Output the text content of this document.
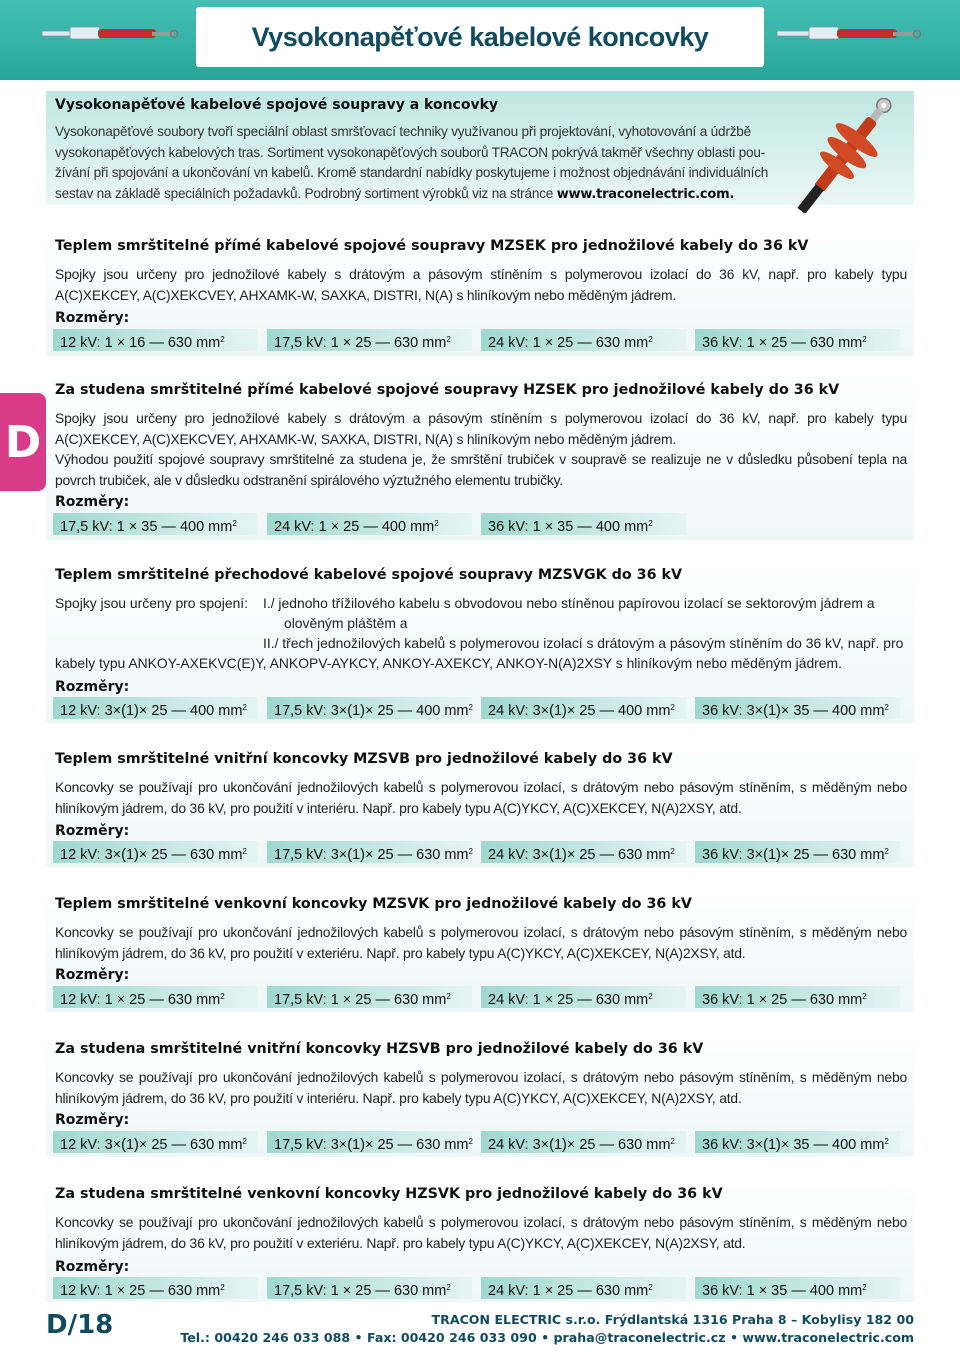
Vysokonapěťové kabelové koncovky
Vysokonapěťové kabelové spojové soupravy a koncovky

Vysokonapěťové soubory tvoří speciální oblast smršťovací techniky využívanou při projektování, vyhotovování a údržbě
vysokonapěťových kabelových tras. Sortiment vysokonapěťových souborů TRACON pokrývá takměř všechny oblasti pou-
žívání při spojování a ukončování vn kabelů. Kromě standardní nabídky poskytujeme i možnost objednávání individuálních
sestav na základě speciálních požadavků. Podrobný sortiment výrobků viz na stránce www.traconelectric.com.

D
Teplem smrštitelné přímé kabelové spojové soupravy MZSEK pro jednožilové kabely do 36 kV

Spojky jsou určeny pro jednožilové kabely s drátovým a pásovým stíněním s polymerovou izolací do 36 kV, např. pro kabely typu A(C)XEKCEY, A(C)XEKCVEY, AHXAMK-W, SAXKA, DISTRI, N(A) s hliníkovým nebo měděným jádrem.

Rozměry:
12 kV: 1 × 16 — 630 $mm^2$	17,5 kV: 1 × 25 — 630 $mm^2$	24 kV: 1 × 25 — 630 $mm^2$	36 kV: 1 × 25 — 630 $mm^2$
Za studena smrštitelné přímé kabelové spojové soupravy HZSEK pro jednožilové kabely do 36 kV

Spojky jsou určeny pro jednožilové kabely s drátovým a pásovým stíněním s polymerovou izolací do 36 kV, např. pro kabely typu A(C)XEKCEY, A(C)XEKCVEY, AHXAMK-W, SAXKA, DISTRI, N(A) s hliníkovým nebo měděným jádrem.

Výhodou použití spojové soupravy smrštitelné za studena je, že smrštění trubiček v soupravě se realizuje ne v důsledku působení tepla na povrch trubiček, ale v důsledku odstranění spirálového výztužného elementu trubičky.

Rozměry:
17,5 kV: 1 × 35 — 400 $mm^2$	24 kV: 1 × 25 — 400 $mm^2$	36 kV: 1 × 35 — 400 $mm^2$
Teplem smrštitelné přechodové kabelové spojové soupravy MZSVGK do 36 kV
Spojky jsou určeny pro spojení: I./ jednoho třížilového kabelu s obvodovou nebo stíněnou papírovou izolací se sektorovým jádrem a
olověným pláštěm a
II./ třech jednožilových kabelů s polymerovou izolací s drátovým a pásovým stíněním do 36 kV, např. pro
kabely typu ANKOY-AXEKVC(E)Y, ANKOPV-AYKCY, ANKOY-AXEKCY, ANKOY-N(A)2XSY s hliníkovým nebo měděným jádrem.
Rozměry:
12 kV: 3×(1)× 25 — 400 $mm^2$	17,5 kV: 3×(1)× 25 — 400 $mm^2$	24 kV: 3×(1)× 25 — 400 $mm^2$	36 kV: 3×(1)× 35 — 400 $mm^2$
Teplem smrštitelné vnitřní koncovky MZSVB pro jednožilové kabely do 36 kV

Koncovky se používají pro ukončování jednožilových kabelů s polymerovou izolací, s drátovým nebo pásovým stíněním, s měděným nebo hliníkovým jádrem, do 36 kV, pro použití v interiéru. Např. pro kabely typu A(C)YKCY, A(C)XEKCEY, N(A)2XSY, atd.

Rozměry:
12 kV: 3×(1)× 25 — 630 $mm^2$	17,5 kV: 3×(1)× 25 — 630 $mm^2$	24 kV: 3×(1)× 25 — 630 $mm^2$	36 kV: 3×(1)× 25 — 630 $mm^2$
Teplem smrštitelné venkovní koncovky MZSVK pro jednožilové kabely do 36 kV

Koncovky se používají pro ukončování jednožilových kabelů s polymerovou izolací, s drátovým nebo pásovým stíněním, s měděným nebo hliníkovým jádrem, do 36 kV, pro použití v exteriéru. Např. pro kabely typu A(C)YKCY, A(C)XEKCEY, N(A)2XSY, atd.

Rozměry:
12 kV: 1 × 25 — 630 $mm^2$	17,5 kV: 1 × 25 — 630 $mm^2$	24 kV: 1 × 25 — 630 $mm^2$	36 kV: 1 × 25 — 630 $mm^2$
Za studena smrštitelné vnitřní koncovky HZSVB pro jednožilové kabely do 36 kV

Koncovky se používají pro ukončování jednožilových kabelů s polymerovou izolací, s drátovým nebo pásovým stíněním, s měděným nebo hliníkovým jádrem, do 36 kV, pro použití v interiéru. Např. pro kabely typu A(C)YKCY, A(C)XEKCEY, N(A)2XSY, atd.

Rozměry:
12 kV: 3×(1)× 25 — 630 $mm^2$	17,5 kV: 3×(1)× 25 — 630 $mm^2$	24 kV: 3×(1)× 25 — 630 $mm^2$	36 kV: 3×(1)× 35 — 400 $mm^2$
Za studena smrštitelné venkovní koncovky HZSVK pro jednožilové kabely do 36 kV

Koncovky se používají pro ukončování jednožilových kabelů s polymerovou izolací, s drátovým nebo pásovým stíněním, s měděným nebo hliníkovým jádrem, do 36 kV, pro použití v exteriéru. Např. pro kabely typu A(C)YKCY, A(C)XEKCEY, N(A)2XSY, atd.

Rozměry:
12 kV: 1 × 25 — 630 $mm^2$	17,5 kV: 1 × 25 — 630 $mm^2$	24 kV: 1 × 25 — 630 $mm^2$	36 kV: 1 × 35 — 400 $mm^2$
D/18	TRACON ELECTRIC s.r.o. Frýdlantská 1316 Praha 8 – Kobylisy 182 00
Tel.: 00420 246 033 088 • Fax: 00420 246 033 090 • praha@traconelectric.cz • www.traconelectric.com
